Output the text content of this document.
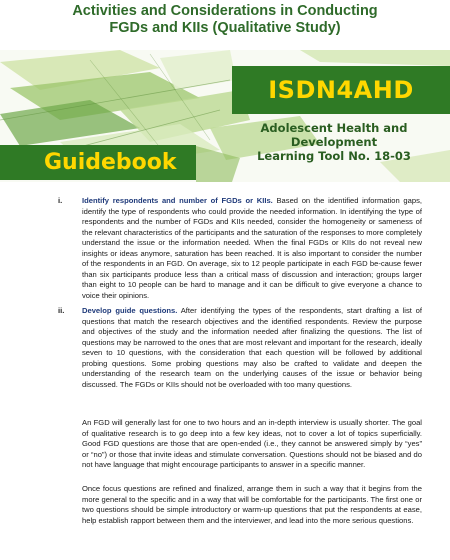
Activities and Considerations in Conducting
FGDs and KIIs (Qualitative Study)
ISDN4AHD
Adolescent Health and Development
Learning Tool No. 18-03
Guidebook
i.	Identify respondents and number of FGDs or KIIs. Based on the identified information gaps, identify the type of respondents who could provide the needed information. In identifying the type of respondents and the number of FGDs and KIIs needed, consider the homogeneity or sameness of the relevant characteristics of the participants and the saturation of the responses to more completely understand the issue or the information needed. When the final FGDs or KIIs do not reveal new insights or ideas anymore, saturation has been reached. It is also important to consider the number of the respondents in an FGD. On average, six to 12 people participate in each FGD be-cause fewer than six participants produce less than a critical mass of discussion and interaction; groups larger than eight to 10 people can be hard to manage and it can be difficult to give everyone a chance to voice their opinions.

ii. Develop guide questions. After identifying the types of the respondents, start drafting a list of questions that match the research objectives and the identified respondents. Review the purpose and objectives of the study and the information needed after finalizing the questions. The list of questions may be narrowed to the ones that are most relevant and important for the research, ideally seven to 10 questions, with the consideration that each question will be followed by additional probing questions. Some probing questions may also be crafted to validate and deepen the understanding of the research team on the underlying causes of the issue or behavior being discussed. The FGDs or KIIs should not be overloaded with too many questions.

An FGD will generally last for one to two hours and an in-depth interview is usually shorter. The goal of qualitative research is to go deep into a few key ideas, not to cover a lot of topics superficially. Good FGD questions are those that are open-ended (i.e., they cannot be answered simply by “yes” or “no”) or those that invite ideas and stimulate conversation. Questions should not be biased and do not have language that might encourage participants to answer in a specific manner.

Once focus questions are refined and finalized, arrange them in such a way that it begins from the more general to the specific and in a way that will be comfortable for the participants. The first one or two questions should be simple introductory or warm-up questions that put the respondents at ease, help establish rapport between them and the interviewer, and lead into the more serious questions.
